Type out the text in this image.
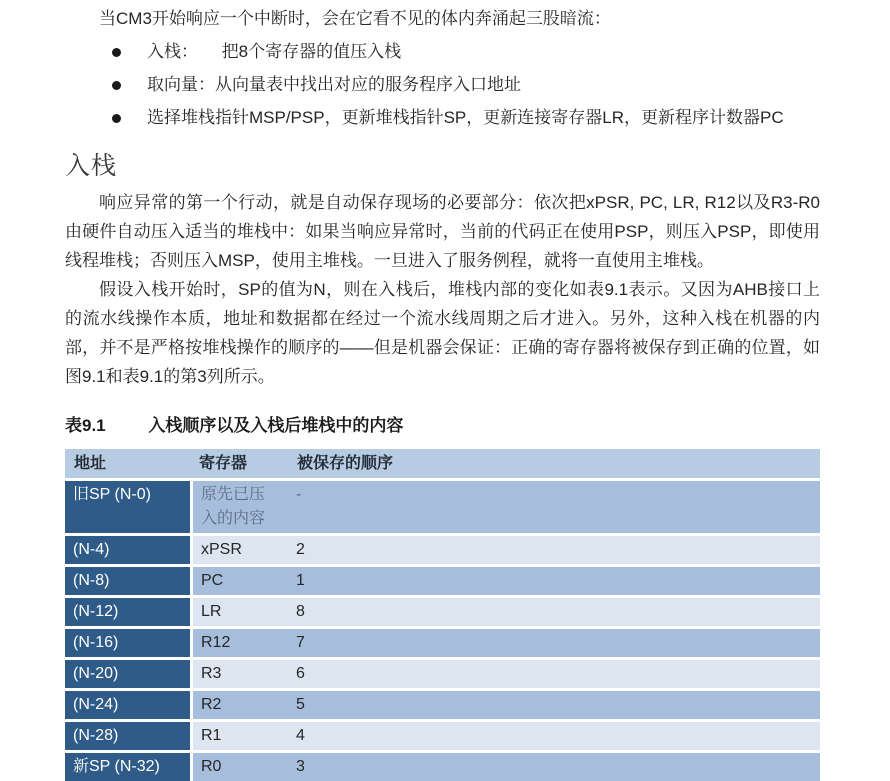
当CM3开始响应一个中断时，会在它看不见的体内奔涌起三股暗流：

入栈：     把8个寄存器的值压入栈
取向量：从向量表中找出对应的服务程序入口地址
选择堆栈指针MSP/PSP，更新堆栈指针SP，更新连接寄存器LR，更新程序计数器PC
入栈

响应异常的第一个行动，就是自动保存现场的必要部分：依次把xPSR, PC, LR, R12以及R3-R0由硬件自动压入适当的堆栈中：如果当响应异常时，当前的代码正在使用PSP，则压入PSP，即使用线程堆栈；否则压入MSP，使用主堆栈。一旦进入了服务例程，就将一直使用主堆栈。

假设入栈开始时，SP的值为N，则在入栈后，堆栈内部的变化如表9.1表示。又因为AHB接口上的流水线操作本质，地址和数据都在经过一个流水线周期之后才进入。另外，这种入栈在机器的内部，并不是严格按堆栈操作的顺序的——但是机器会保证：正确的寄存器将被保存到正确的位置，如图9.1和表9.1的第3列所示。

表9.1	入栈顺序以及入栈后堆栈中的内容

地址	寄存器	被保存的顺序
旧SP (N-0)	原先已压入的内容	-
(N-4)	xPSR	2
(N-8)	PC	1
(N-12)	LR	8
(N-16)	R12	7
(N-20)	R3	6
(N-24)	R2	5
(N-28)	R1	4
新SP (N-32)	R0	3
